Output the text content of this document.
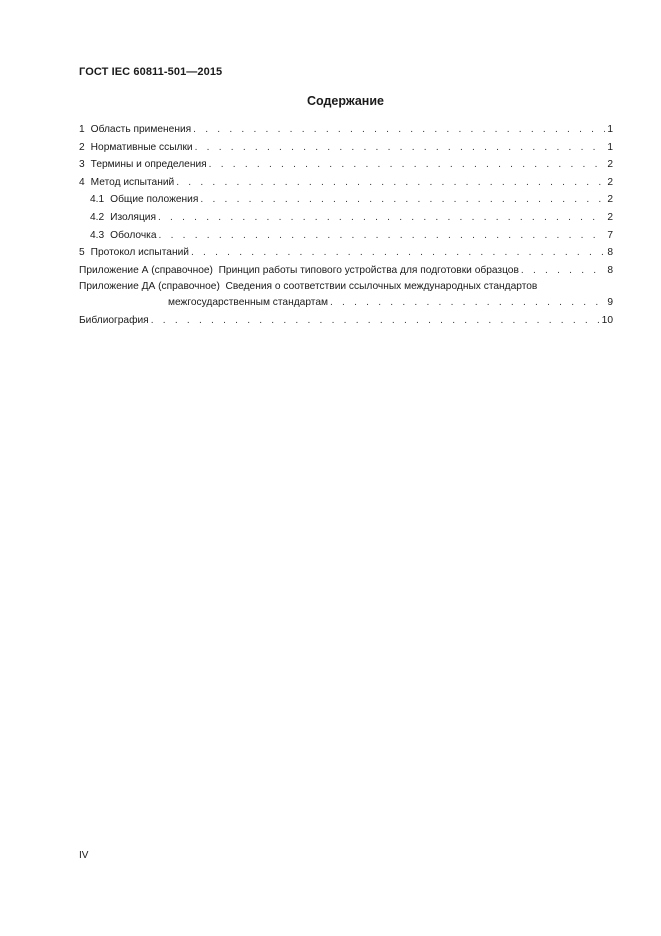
ГОСТ IEC 60811-501—2015
Содержание
1 Область применения . . .	1
2 Нормативные ссылки . . .	1
3 Термины и определения . . .	2
4 Метод испытаний . . .	2
4.1 Общие положения . . .	2
4.2 Изоляция . . .	2
4.3 Оболочка . . .	7
5 Протокол испытаний . . .	8
Приложение А (справочное)  Принцип работы типового устройства для подготовки образцов . . .	8
Приложение ДА (справочное)  Сведения о соответствии ссылочных международных стандартов
межгосударственным стандартам . . .	9
Библиография . . .	10
IV
